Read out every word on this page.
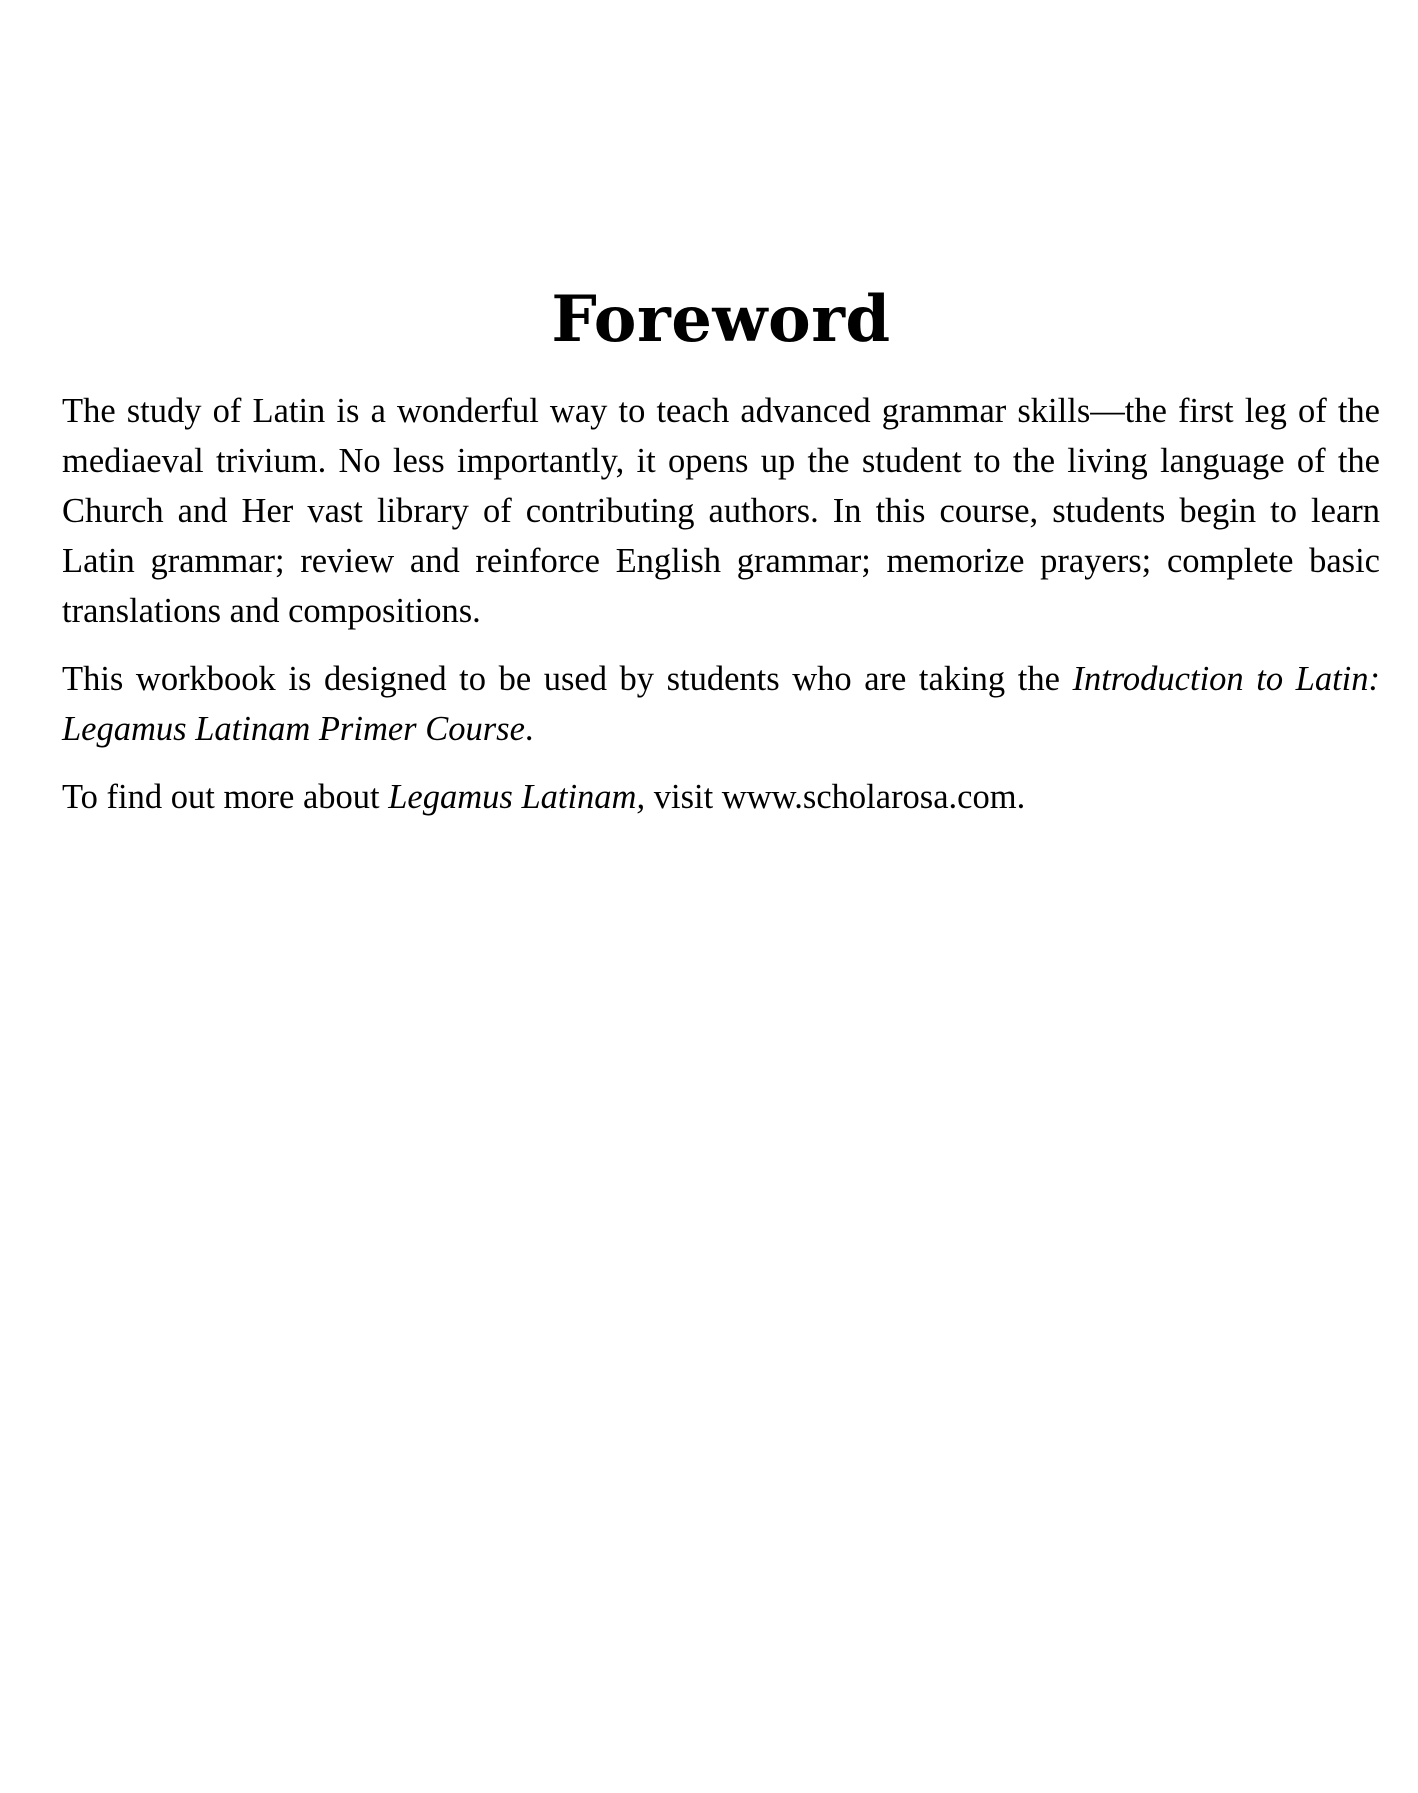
Foreword

The study of Latin is a wonderful way to teach advanced grammar skills—the first leg of the mediaeval trivium. No less importantly, it opens up the student to the living language of the Church and Her vast library of contributing authors. In this course, students begin to learn Latin grammar; review and reinforce English grammar; memorize prayers; complete basic translations and compositions.

This workbook is designed to be used by students who are taking the Introduction to Latin: Legamus Latinam Primer Course.

To find out more about Legamus Latinam, visit www.scholarosa.com.
